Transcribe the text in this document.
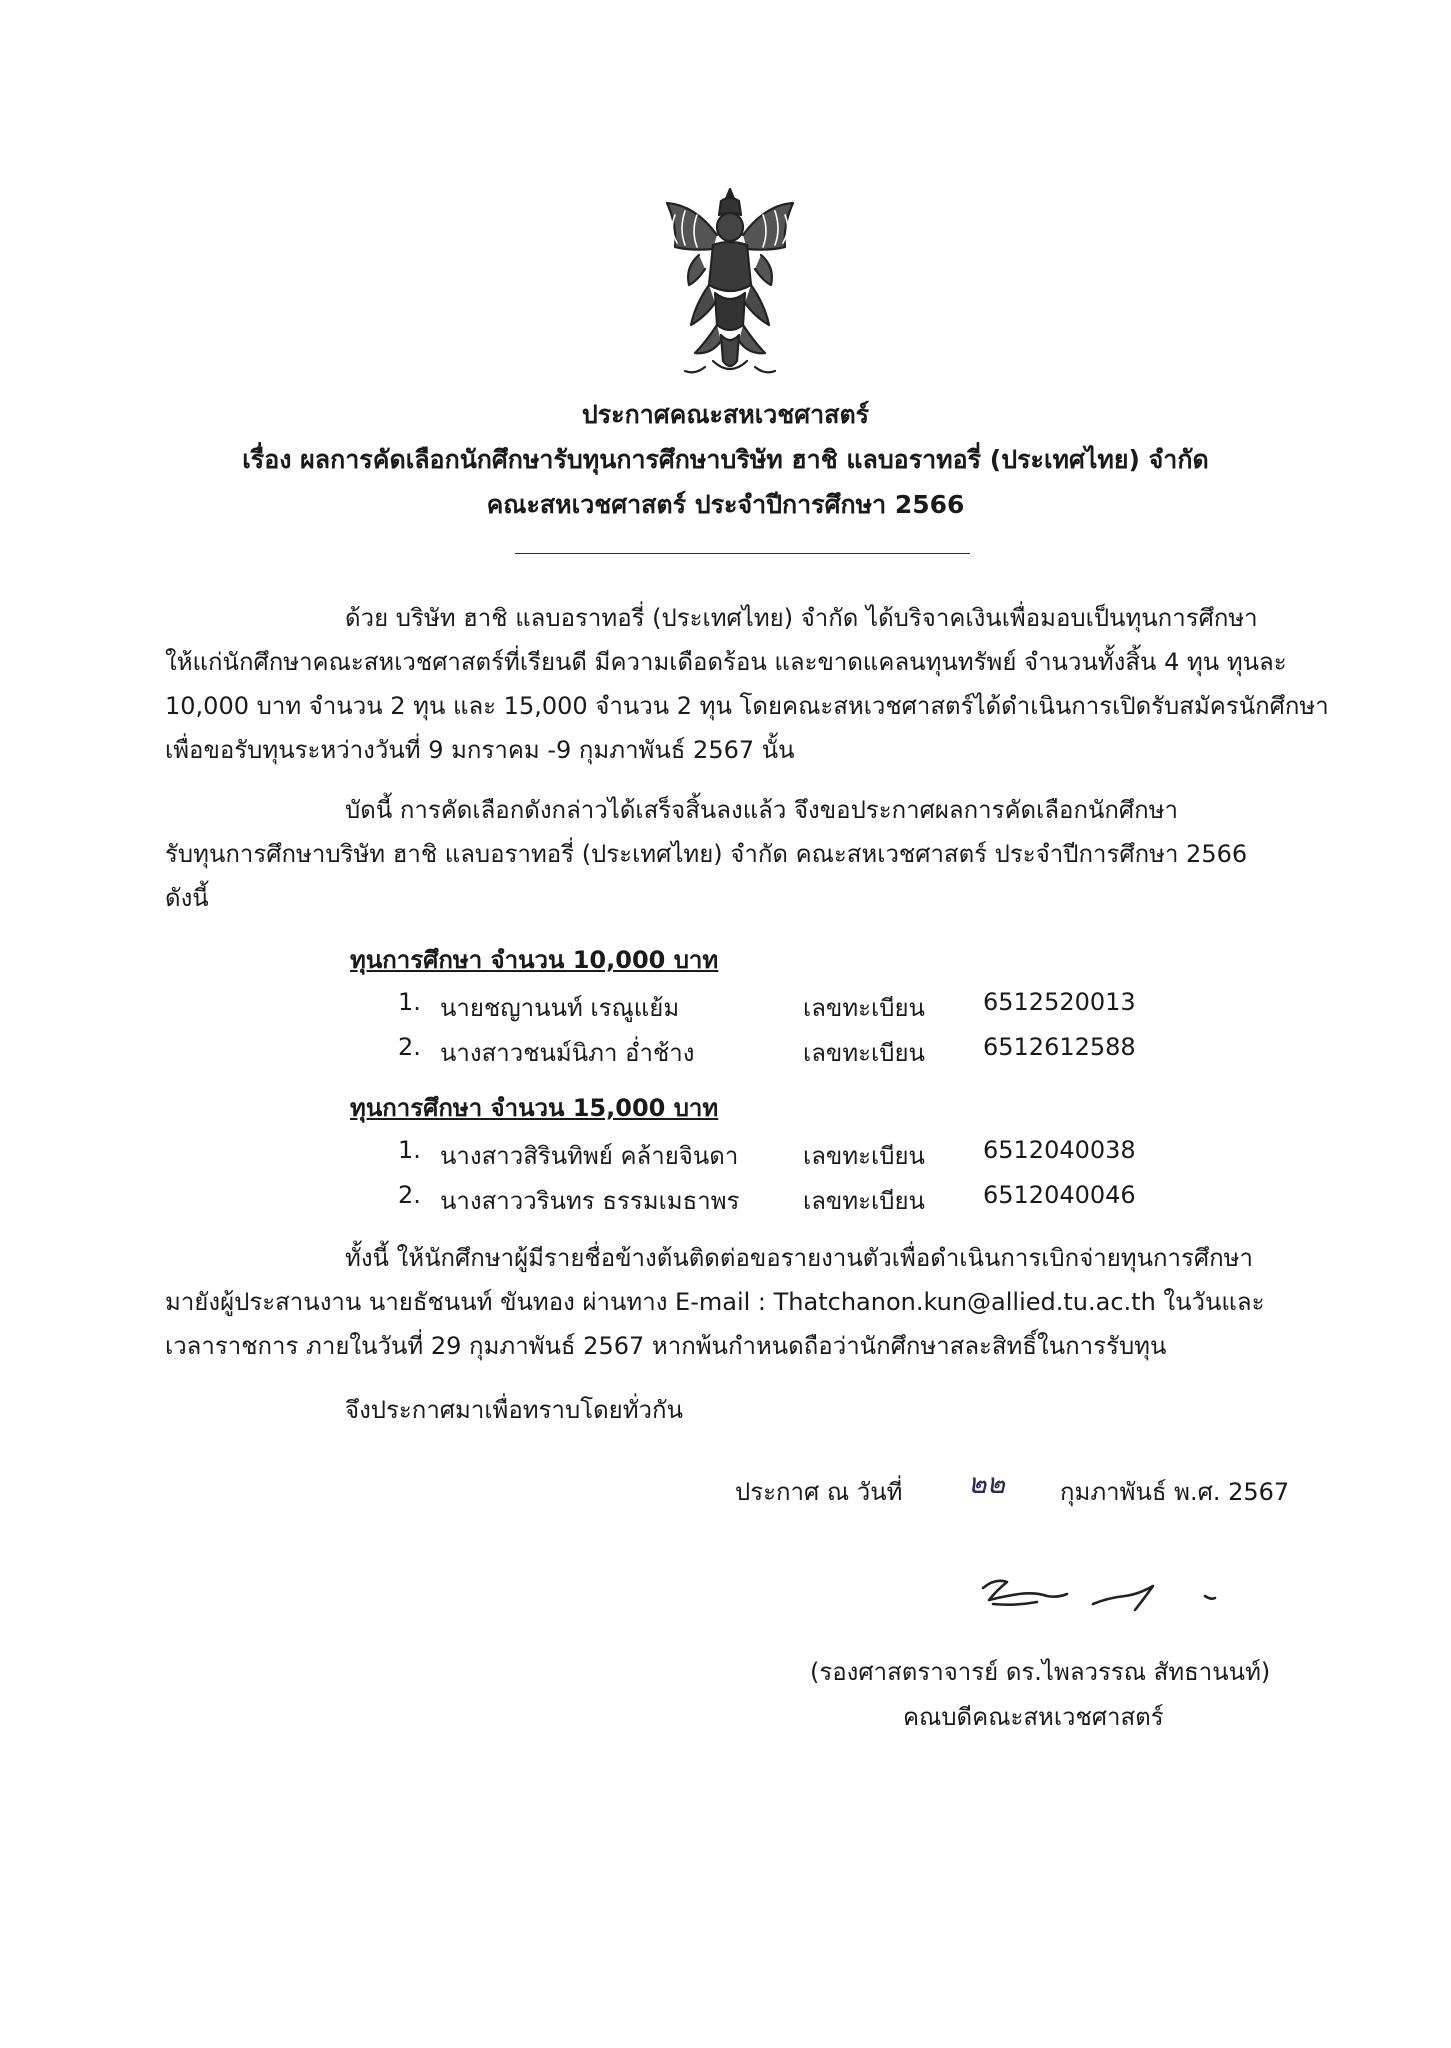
ประกาศคณะสหเวชศาสตร์
เรื่อง ผลการคัดเลือกนักศึกษารับทุนการศึกษาบริษัท ฮาชิ แลบอราทอรี่ (ประเทศไทย) จำกัด
คณะสหเวชศาสตร์ ประจำปีการศึกษา 2566
ด้วย บริษัท ฮาชิ แลบอราทอรี่ (ประเทศไทย) จำกัด ได้บริจาคเงินเพื่อมอบเป็นทุนการศึกษา
ให้แก่นักศึกษาคณะสหเวชศาสตร์ที่เรียนดี มีความเดือดร้อน และขาดแคลนทุนทรัพย์ จำนวนทั้งสิ้น 4 ทุน ทุนละ
10,000 บาท จำนวน 2 ทุน และ 15,000 จำนวน 2 ทุน โดยคณะสหเวชศาสตร์ได้ดำเนินการเปิดรับสมัครนักศึกษา
เพื่อขอรับทุนระหว่างวันที่ 9 มกราคม -9 กุมภาพันธ์ 2567 นั้น
บัดนี้ การคัดเลือกดังกล่าวได้เสร็จสิ้นลงแล้ว จึงขอประกาศผลการคัดเลือกนักศึกษา
รับทุนการศึกษาบริษัท ฮาชิ แลบอราทอรี่ (ประเทศไทย) จำกัด คณะสหเวชศาสตร์ ประจำปีการศึกษา 2566
ดังนี้
ทุนการศึกษา จำนวน 10,000 บาท
1. นายชญานนท์ เรณูแย้ม	เลขทะเบียน 6512520013
2. นางสาวชนม์นิภา อ่ำช้าง	เลขทะเบียน 6512612588
ทุนการศึกษา จำนวน 15,000 บาท
1. นางสาวสิรินทิพย์ คล้ายจินดา	เลขทะเบียน 6512040038
2. นางสาววรินทร ธรรมเมธาพร	เลขทะเบียน 6512040046
ทั้งนี้ ให้นักศึกษาผู้มีรายชื่อข้างต้นติดต่อขอรายงานตัวเพื่อดำเนินการเบิกจ่ายทุนการศึกษา
มายังผู้ประสานงาน นายธัชนนท์ ขันทอง ผ่านทาง E-mail : Thatchanon.kun@allied.tu.ac.th ในวันและ
เวลาราชการ ภายในวันที่ 29 กุมภาพันธ์ 2567 หากพ้นกำหนดถือว่านักศึกษาสละสิทธิ์ในการรับทุน
จึงประกาศมาเพื่อทราบโดยทั่วกัน
ประกาศ ณ วันที่ ๒๒ กุมภาพันธ์ พ.ศ. 2567
(รองศาสตราจารย์ ดร.ไพลวรรณ สัทธานนท์)
คณบดีคณะสหเวชศาสตร์
